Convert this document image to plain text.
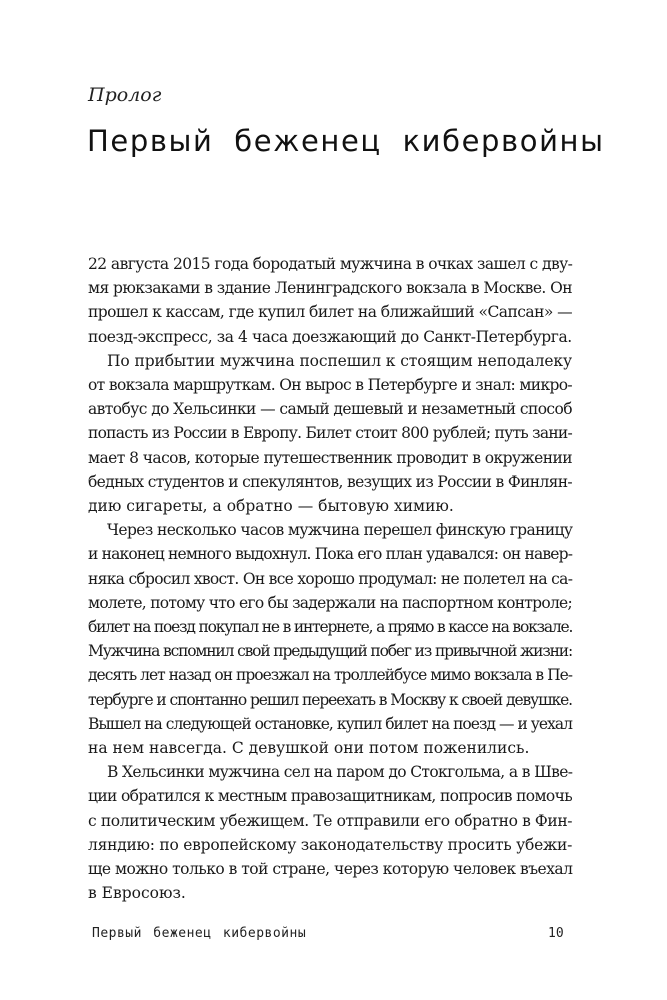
Пролог
Первый беженец кибервойны

22 августа 2015 года бородатый мужчина в очках зашел с дву-
мя рюкзаками в здание Ленинградского вокзала в Москве. Он
прошел к кассам, где купил билет на ближайший «Сапсан» —
поезд-экспресс, за 4 часа доезжающий до Санкт-Петербурга.

По прибытии мужчина поспешил к стоящим неподалеку
от вокзала маршруткам. Он вырос в Петербурге и знал: микро-
автобус до Хельсинки — самый дешевый и незаметный способ
попасть из России в Европу. Билет стоит 800 рублей; путь зани-
мает 8 часов, которые путешественник проводит в окружении
бедных студентов и спекулянтов, везущих из России в Финлян-
дию сигареты, а обратно — бытовую химию.

Через несколько часов мужчина перешел финскую границу
и наконец немного выдохнул. Пока его план удавался: он навер-
няка сбросил хвост. Он все хорошо продумал: не полетел на са-
молете, потому что его бы задержали на паспортном контроле;
билет на поезд покупал не в интернете, а прямо в кассе на вокзале.
Мужчина вспомнил свой предыдущий побег из привычной жизни:
десять лет назад он проезжал на троллейбусе мимо вокзала в Пе-
тербурге и спонтанно решил переехать в Москву к своей девушке.
Вышел на следующей остановке, купил билет на поезд — и уехал
на нем навсегда. С девушкой они потом поженились.

В Хельсинки мужчина сел на паром до Стокгольма, а в Шве-
ции обратился к местным правозащитникам, попросив помочь
с политическим убежищем. Те отправили его обратно в Фин-
ляндию: по европейскому законодательству просить убежи-
ще можно только в той стране, через которую человек въехал
в Евросоюз.

Первый беженец кибервойны	10
